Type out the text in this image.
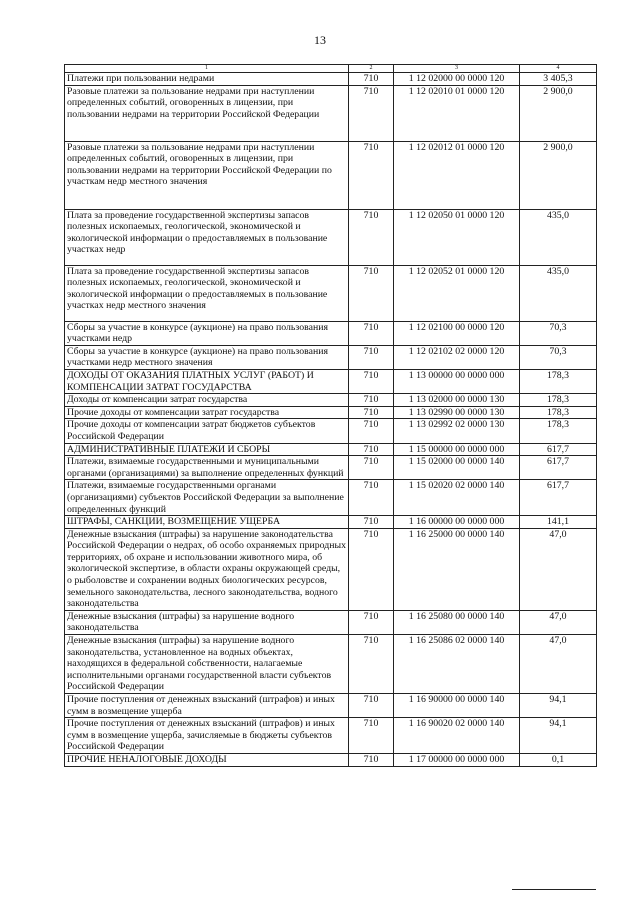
13
1	2	3	4
Платежи при пользовании недрами	710	1 12 02000 00 0000 120	3 405,3
Разовые платежи за пользование недрами при наступлении определенных событий, оговоренных в лицензии, при пользовании недрами на территории Российской Федерации	710	1 12 02010 01 0000 120	2 900,0
Разовые платежи за пользование недрами при наступлении определенных событий, оговоренных в лицензии, при пользовании недрами на территории Российской Федерации по участкам недр местного значения	710	1 12 02012 01 0000 120	2 900,0
Плата за проведение государственной экспертизы запасов полезных ископаемых, геологической, экономической и экологической информации о предоставляемых в пользование участках недр	710	1 12 02050 01 0000 120	435,0
Плата за проведение государственной экспертизы запасов полезных ископаемых, геологической, экономической и экологической информации о предоставляемых в пользование участках недр местного значения	710	1 12 02052 01 0000 120	435,0
Сборы за участие в конкурсе (аукционе) на право пользования участками недр	710	1 12 02100 00 0000 120	70,3
Сборы за участие в конкурсе (аукционе) на право пользования участками недр местного значения	710	1 12 02102 02 0000 120	70,3
ДОХОДЫ ОТ ОКАЗАНИЯ ПЛАТНЫХ УСЛУГ (РАБОТ) И КОМПЕНСАЦИИ ЗАТРАТ ГОСУДАРСТВА	710	1 13 00000 00 0000 000	178,3
Доходы от компенсации затрат государства	710	1 13 02000 00 0000 130	178,3
Прочие доходы от компенсации затрат государства	710	1 13 02990 00 0000 130	178,3
Прочие доходы от компенсации затрат бюджетов субъектов Российской Федерации	710	1 13 02992 02 0000 130	178,3
АДМИНИСТРАТИВНЫЕ ПЛАТЕЖИ И СБОРЫ	710	1 15 00000 00 0000 000	617,7
Платежи, взимаемые государственными и муниципальными органами (организациями) за выполнение определенных функций	710	1 15 02000 00 0000 140	617,7
Платежи, взимаемые государственными органами (организациями) субъектов Российской Федерации за выполнение определенных функций	710	1 15 02020 02 0000 140	617,7
ШТРАФЫ, САНКЦИИ, ВОЗМЕЩЕНИЕ УЩЕРБА	710	1 16 00000 00 0000 000	141,1
Денежные взыскания (штрафы) за нарушение законодательства Российской Федерации о недрах, об особо охраняемых природных территориях, об охране и использовании животного мира, об экологической экспертизе, в области охраны окружающей среды, о рыболовстве и сохранении водных биологических ресурсов, земельного законодательства, лесного законодательства, водного законодательства	710	1 16 25000 00 0000 140	47,0
Денежные взыскания (штрафы) за нарушение водного законодательства	710	1 16 25080 00 0000 140	47,0
Денежные взыскания (штрафы) за нарушение водного законодательства, установленное на водных объектах, находящихся в федеральной собственности, налагаемые исполнительными органами государственной власти субъектов Российской Федерации	710	1 16 25086 02 0000 140	47,0
Прочие поступления от денежных взысканий (штрафов) и иных сумм в возмещение ущерба	710	1 16 90000 00 0000 140	94,1
Прочие поступления от денежных взысканий (штрафов) и иных сумм в возмещение ущерба, зачисляемые в бюджеты субъектов Российской Федерации	710	1 16 90020 02 0000 140	94,1
ПРОЧИЕ НЕНАЛОГОВЫЕ ДОХОДЫ	710	1 17 00000 00 0000 000	0,1
